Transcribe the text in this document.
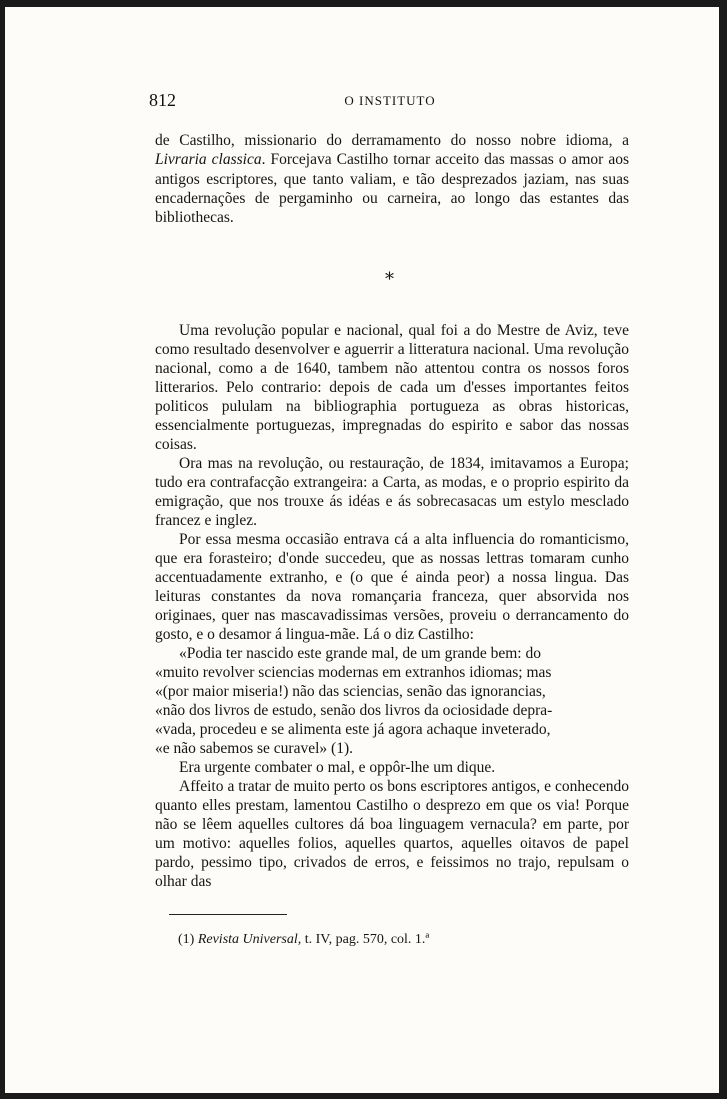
812	O INSTITUTO

de Castilho, missionario do derramamento do nosso nobre idioma, a Livraria classica. Forcejava Castilho tornar acceito das massas o amor aos antigos escriptores, que tanto valiam, e tão desprezados jaziam, nas suas encadernações de pergaminho ou carneira, ao longo das estantes das bibliothecas.

*

Uma revolução popular e nacional, qual foi a do Mestre de Aviz, teve como resultado desenvolver e aguerrir a litteratura nacional. Uma revolução nacional, como a de 1640, tambem não attentou contra os nossos foros litterarios. Pelo contrario: depois de cada um d'esses importantes feitos politicos pululam na bibliographia portugueza as obras historicas, essencialmente portuguezas, impregnadas do espirito e sabor das nossas coisas.

Ora mas na revolução, ou restauração, de 1834, imitavamos a Europa; tudo era contrafacção extrangeira: a Carta, as modas, e o proprio espirito da emigração, que nos trouxe ás idéas e ás sobrecasacas um estylo mesclado francez e inglez.

Por essa mesma occasião entrava cá a alta influencia do romanticismo, que era forasteiro; d'onde succedeu, que as nossas lettras tomaram cunho accentuadamente extranho, e (o que é ainda peor) a nossa lingua. Das leituras constantes da nova romançaria franceza, quer absorvida nos originaes, quer nas mascavadissimas versões, proveiu o derrancamento do gosto, e o desamor á lingua-mãe. Lá o diz Castilho:

«Podia ter nascido este grande mal, de um grande bem: do

«muito revolver sciencias modernas em extranhos idiomas; mas

«(por maior miseria!) não das sciencias, senão das ignorancias,

«não dos livros de estudo, senão dos livros da ociosidade depra-

«vada, procedeu e se alimenta este já agora achaque inveterado,

«e não sabemos se curavel» (1).

Era urgente combater o mal, e oppôr-lhe um dique.

Affeito a tratar de muito perto os bons escriptores antigos, e conhecendo quanto elles prestam, lamentou Castilho o desprezo em que os via! Porque não se lêem aquelles cultores dá boa linguagem vernacula? em parte, por um motivo: aquelles folios, aquelles quartos, aquelles oitavos de papel pardo, pessimo tipo, crivados de erros, e feissimos no trajo, repulsam o olhar das

(1) Revista Universal, t. IV, pag. 570, col. 1.ª
